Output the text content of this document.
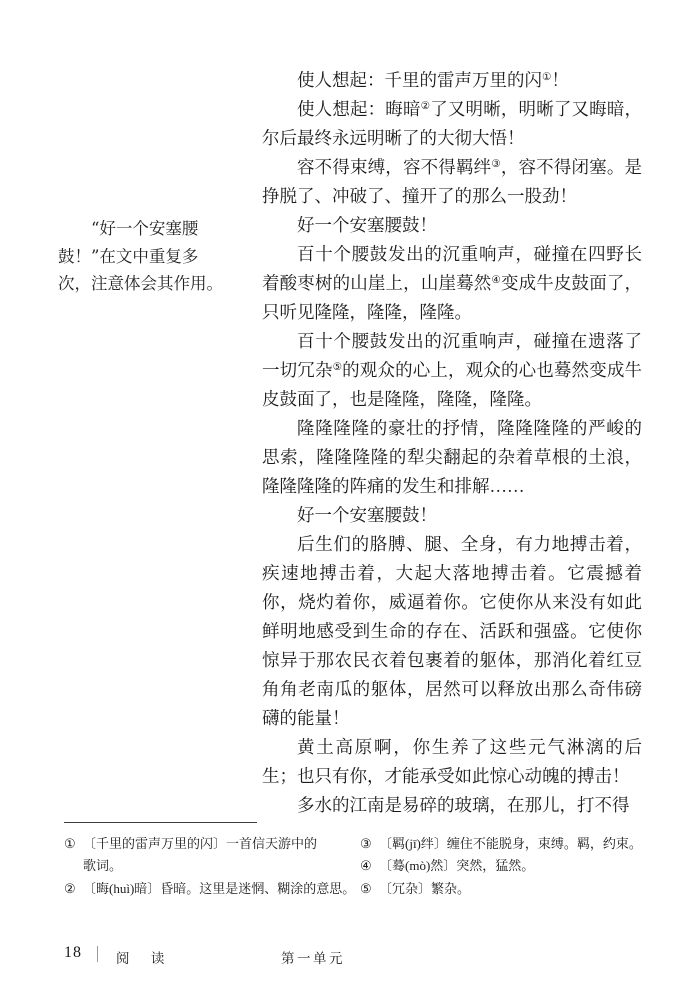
“好一个安塞腰
鼓！”在文中重复多
次，注意体会其作用。

使人想起：千里的雷声万里的闪①！

使人想起：晦暗②了又明晰，明晰了又晦暗，尔后最终永远明晰了的大彻大悟！

容不得束缚，容不得羁绊③，容不得闭塞。是挣脱了、冲破了、撞开了的那么一股劲！

好一个安塞腰鼓！

百十个腰鼓发出的沉重响声，碰撞在四野长着酸枣树的山崖上，山崖蓦然④变成牛皮鼓面了，只听见隆隆，隆隆，隆隆。

百十个腰鼓发出的沉重响声，碰撞在遗落了一切冗杂⑤的观众的心上，观众的心也蓦然变成牛皮鼓面了，也是隆隆，隆隆，隆隆。

隆隆隆隆的豪壮的抒情，隆隆隆隆的严峻的思索，隆隆隆隆的犁尖翻起的杂着草根的土浪，隆隆隆隆的阵痛的发生和排解……

好一个安塞腰鼓！

后生们的胳膊、腿、全身，有力地搏击着，疾速地搏击着，大起大落地搏击着。它震撼着你，烧灼着你，威逼着你。它使你从来没有如此鲜明地感受到生命的存在、活跃和强盛。它使你惊异于那农民衣着包裹着的躯体，那消化着红豆角角老南瓜的躯体，居然可以释放出那么奇伟磅礴的能量！

黄土高原啊，你生养了这些元气淋漓的后生；也只有你，才能承受如此惊心动魄的搏击！

多水的江南是易碎的玻璃，在那儿，打不得

① 〔千里的雷声万里的闪〕一首信天游中的
歌词。
② 〔晦(huì)暗〕昏暗。这里是迷惘、糊涂的意思。
③ 〔羁(jī)绊〕缠住不能脱身，束缚。羁，约束。
④ 〔蓦(mò)然〕突然，猛然。
⑤ 〔冗杂〕繁杂。
18	阅 读	第一单元
